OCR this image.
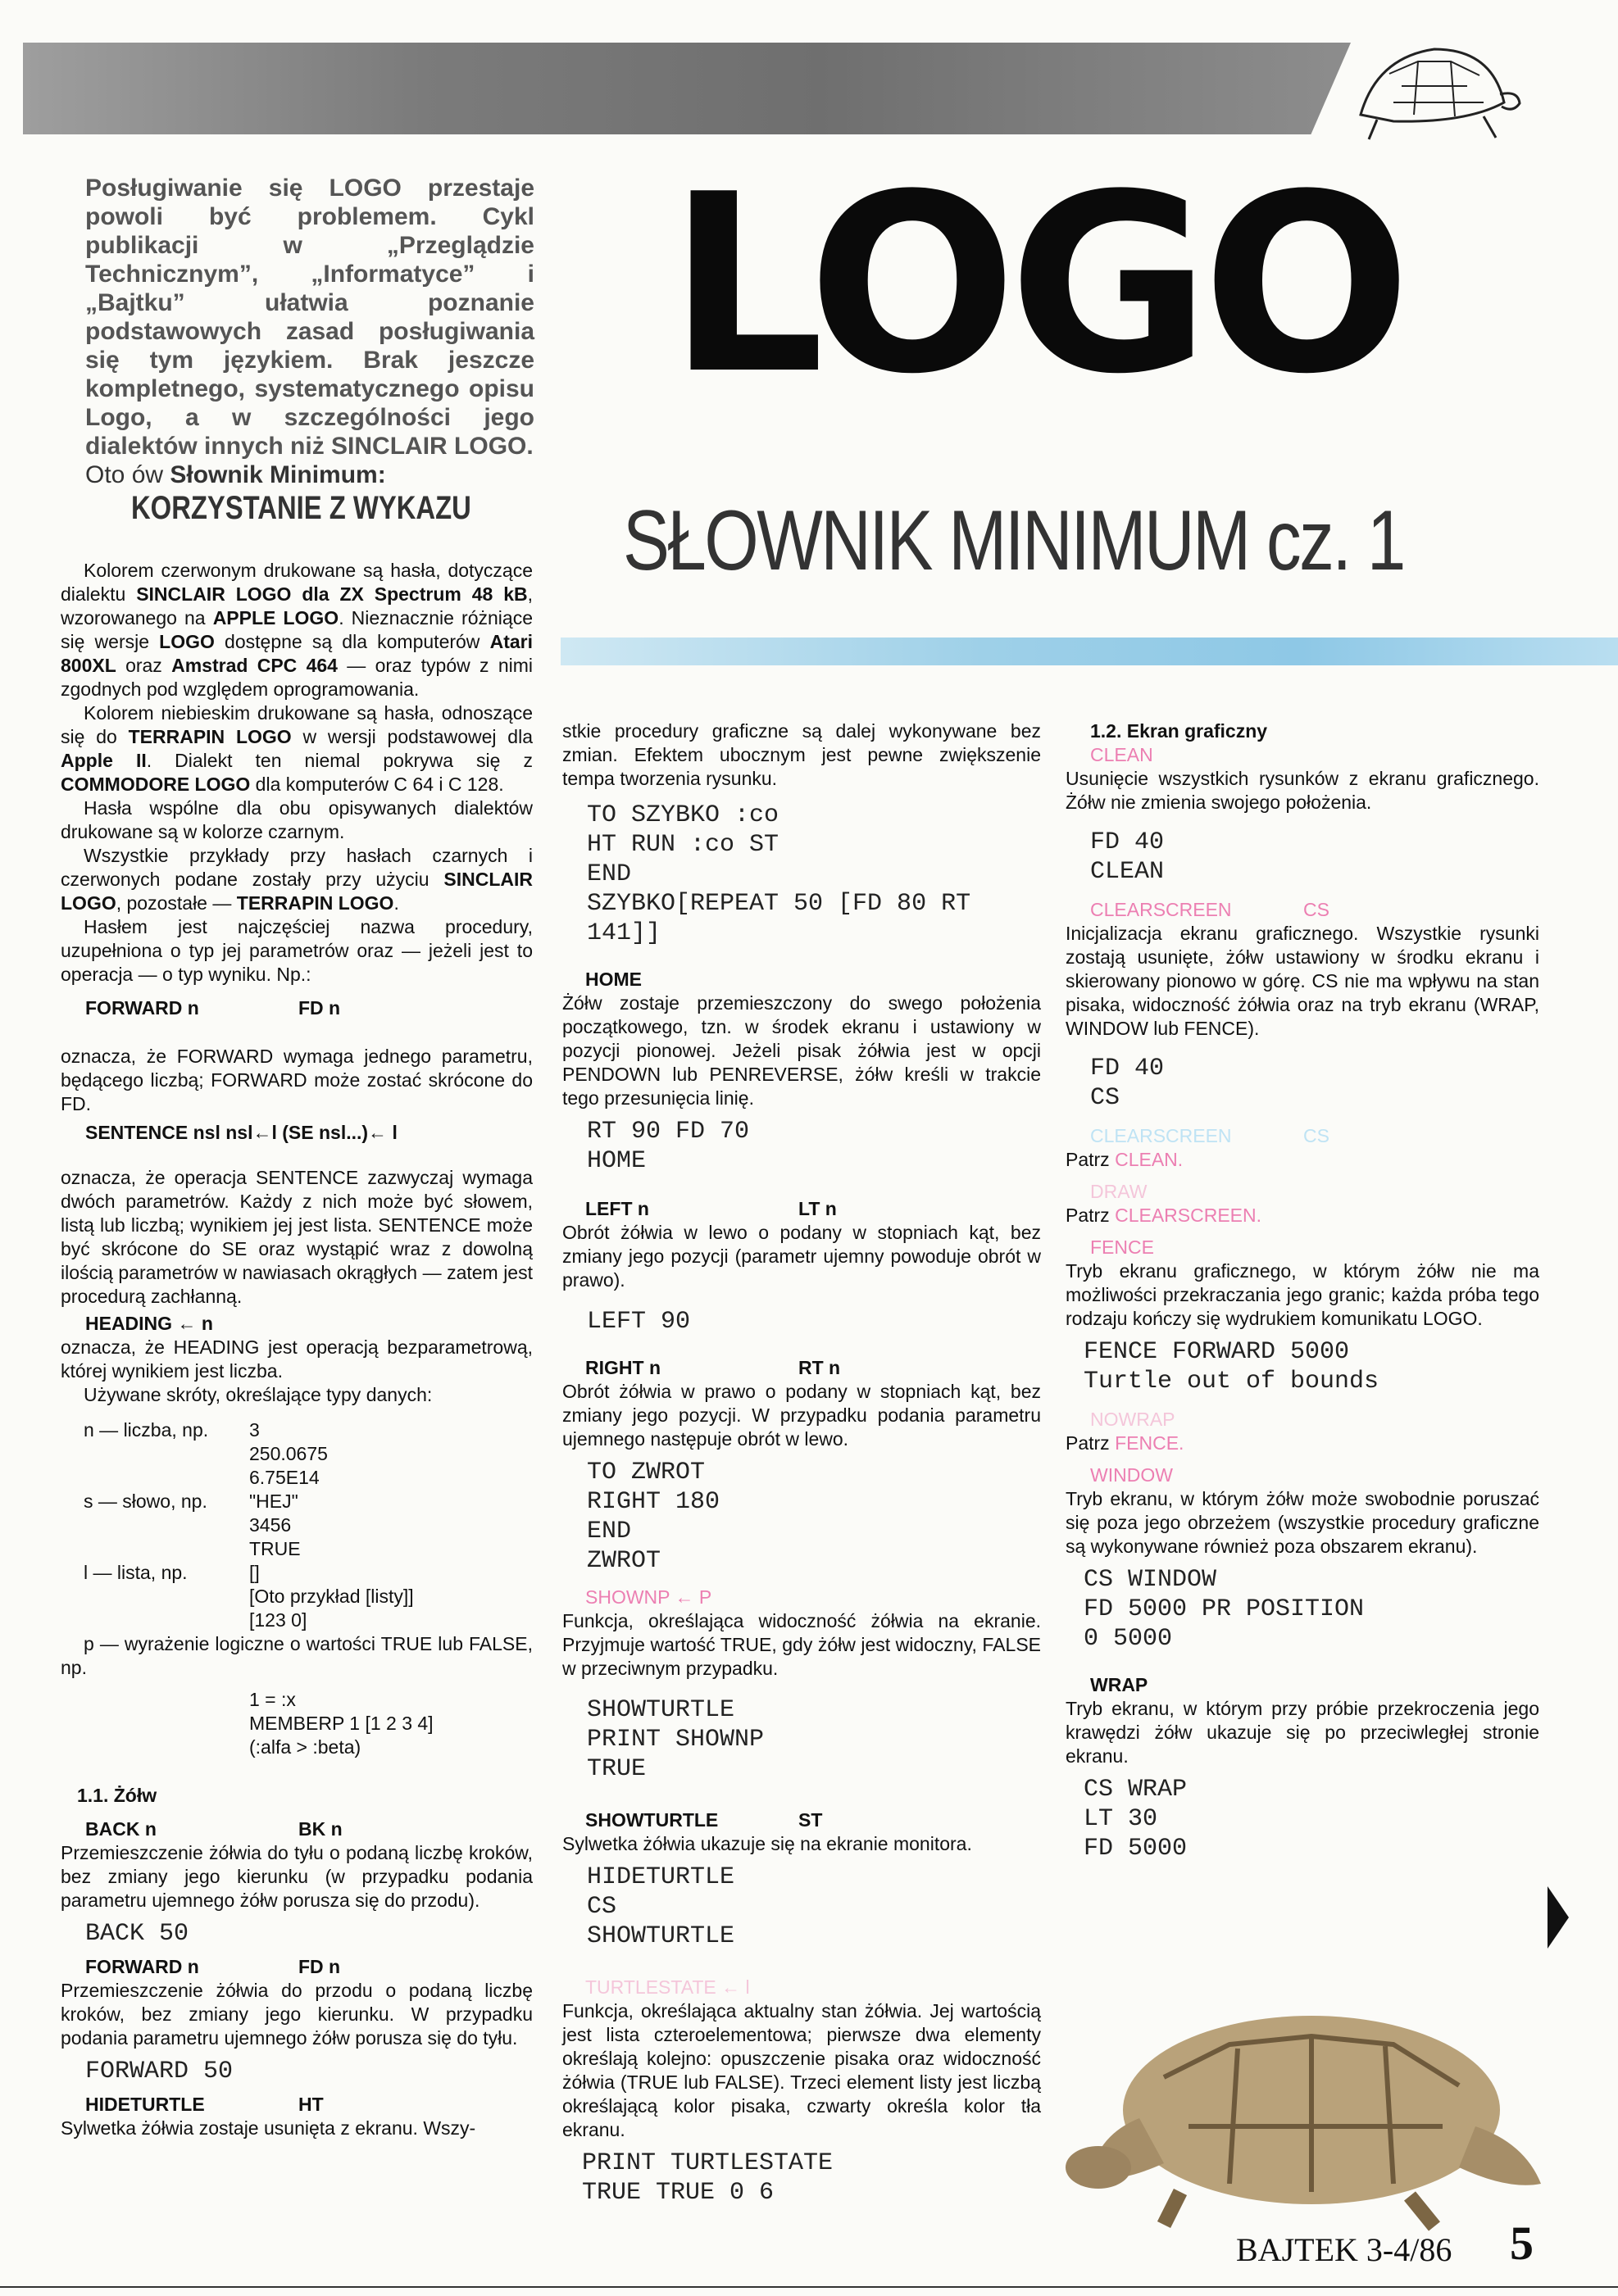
Posługiwanie się LOGO przestaje powoli być problemem. Cykl publikacji w „Przeglądzie Technicznym”, „Informatyce” i „Bajtku” ułatwia poznanie podstawowych zasad posługiwania się tym językiem. Brak jeszcze kompletnego, systematycznego opisu Logo, a w szczególności jego dialektów innych niż SINCLAIR LOGO.
Oto ów Słownik Minimum:
LOGO
SŁOWNIK MINIMUM cz. 1
KORZYSTANIE Z WYKAZU

Kolorem czerwonym drukowane są hasła, dotyczące dialektu SINCLAIR LOGO dla ZX Spectrum 48 kB, wzorowanego na APPLE LOGO. Nieznacznie różniące się wersje LOGO dostępne są dla komputerów Atari 800XL oraz Amstrad CPC 464 — oraz typów z nimi zgodnych pod względem oprogramowania.

Kolorem niebieskim drukowane są hasła, odnoszące się do TERRAPIN LOGO w wersji podstawowej dla Apple II. Dialekt ten niemal pokrywa się z COMMODORE LOGO dla komputerów C 64 i C 128.

Hasła wspólne dla obu opisywanych dialektów drukowane są w kolorze czarnym.

Wszystkie przykłady przy hasłach czarnych i czerwonych podane zostały przy użyciu SINCLAIR LOGO, pozostałe — TERRAPIN LOGO.

Hasłem jest najczęściej nazwa procedury, uzupełniona o typ jej parametrów oraz — jeżeli jest to operacja — o typ wyniku. Np.:

FORWARD n	FD n

oznacza, że FORWARD wymaga jednego parametru, będącego liczbą; FORWARD może zostać skrócone do FD.

SENTENCE nsl nsl←l (SE nsl...)← l

oznacza, że operacja SENTENCE zazwyczaj wymaga dwóch parametrów. Każdy z nich może być słowem, listą lub liczbą; wynikiem jej jest lista. SENTENCE może być skrócone do SE oraz wystąpić wraz z dowolną ilością parametrów w nawiasach okrągłych — zatem jest procedurą zachłanną.

HEADING ← n

oznacza, że HEADING jest operacją bezparametrową, której wynikiem jest liczba.

Używane skróty, określające typy danych:

n — liczba, np.	3
250.0675
6.75E14
s — słowo, np.	"HEJ"
3456
TRUE
l — lista, np.	[]
[Oto przykład [listy]]
[123 0]

p — wyrażenie logiczne o wartości TRUE lub FALSE, np.

1 = :x
MEMBERP 1 [1 2 3 4]
(:alfa > :beta)
1.1. Żółw
BACK n	BK n

Przemieszczenie żółwia do tyłu o podaną liczbę kroków, bez zmiany jego kierunku (w przypadku podania parametru ujemnego żółw porusza się do przodu).

BACK 50
FORWARD n	FD n

Przemieszczenie żółwia do przodu o podaną liczbę kroków, bez zmiany jego kierunku. W przypadku podania parametru ujemnego żółw porusza się do tyłu.

FORWARD 50
HIDETURTLE	HT

Sylwetka żółwia zostaje usunięta z ekranu. Wszy-

stkie procedury graficzne są dalej wykonywane bez zmian. Efektem ubocznym jest pewne zwiększenie tempa tworzenia rysunku.

TO SZYBKO :co
HT RUN :co ST
END
SZYBKO[REPEAT 50 [FD 80 RT
141]]
HOME

Żółw zostaje przemieszczony do swego położenia początkowego, tzn. w środek ekranu i ustawiony w pozycji pionowej. Jeżeli pisak żółwia jest w opcji PENDOWN lub PENREVERSE, żółw kreśli w trakcie tego przesunięcia linię.

RT 90 FD 70
HOME
LEFT n	LT n

Obrót żółwia w lewo o podany w stopniach kąt, bez zmiany jego pozycji (parametr ujemny powoduje obrót w prawo).

LEFT 90
RIGHT n	RT n

Obrót żółwia w prawo o podany w stopniach kąt, bez zmiany jego pozycji. W przypadku podania parametru ujemnego następuje obrót w lewo.

TO ZWROT
RIGHT 180
END
ZWROT
SHOWNP ← P

Funkcja, określająca widoczność żółwia na ekranie. Przyjmuje wartość TRUE, gdy żółw jest widoczny, FALSE w przeciwnym przypadku.

SHOWTURTLE
PRINT SHOWNP
TRUE
SHOWTURTLE	ST

Sylwetka żółwia ukazuje się na ekranie monitora.

HIDETURTLE
CS
SHOWTURTLE
TURTLESTATE ← l

Funkcja, określająca aktualny stan żółwia. Jej wartością jest lista czteroelementowa; pierwsze dwa elementy określają kolejno: opuszczenie pisaka oraz widoczność żółwia (TRUE lub FALSE). Trzeci element listy jest liczbą określającą kolor pisaka, czwarty określa kolor tła ekranu.

PRINT TURTLESTATE
TRUE TRUE 0 6
1.2. Ekran graficzny
CLEAN

Usunięcie wszystkich rysunków z ekranu graficznego. Żółw nie zmienia swojego położenia.

FD 40
CLEAN
CLEARSCREEN	CS

Inicjalizacja ekranu graficznego. Wszystkie rysunki zostają usunięte, żółw ustawiony w środku ekranu i skierowany pionowo w górę. CS nie ma wpływu na stan pisaka, widoczność żółwia oraz na tryb ekranu (WRAP, WINDOW lub FENCE).

FD 40
CS
CLEARSCREEN	CS

Patrz CLEAN.

DRAW

Patrz CLEARSCREEN.

FENCE

Tryb ekranu graficznego, w którym żółw nie ma możliwości przekraczania jego granic; każda próba tego rodzaju kończy się wydrukiem komunikatu LOGO.

FENCE FORWARD 5000
Turtle out of bounds
NOWRAP

Patrz FENCE.

WINDOW

Tryb ekranu, w którym żółw może swobodnie poruszać się poza jego obrzeżem (wszystkie procedury graficzne są wykonywane również poza obszarem ekranu).

CS WINDOW
FD 5000 PR POSITION
0 5000
WRAP

Tryb ekranu, w którym przy próbie przekroczenia jego krawędzi żółw ukazuje się po przeciwległej stronie ekranu.

CS WRAP
LT 30
FD 5000
BAJTEK 3-4/86 5
